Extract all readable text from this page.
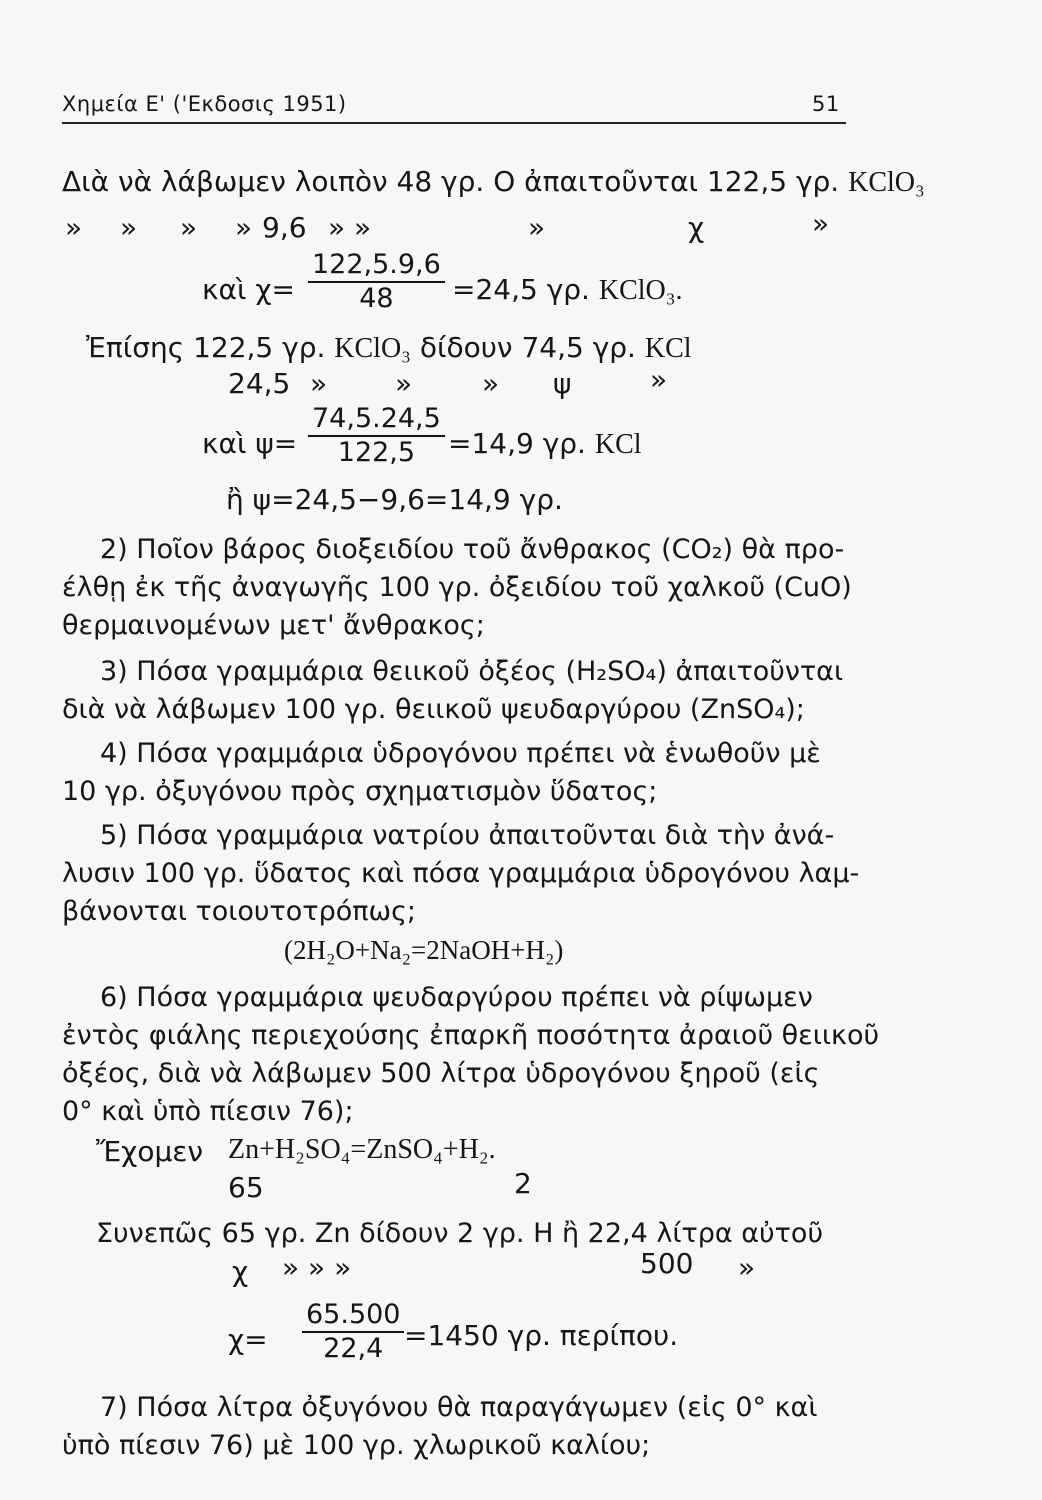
Χημεία Ε' ('Εκδοσις 1951)	51
Διὰ νὰ λάβωμεν λοιπὸν 48 γρ. Ο ἀπαιτοῦνται 122,5 γρ. KClO₃
» » » » 9,6 » »	»	χ	»
καὶ $\chi= \frac{122,5.9,6}{48} =24,5$ γρ. KClO₃.
Ἐπίσης 122,5 γρ. KClO₃ δίδουν 74,5 γρ. KCl
24,5 » » » ψ	»
καὶ $\psi= \frac{74,5.24,5}{122,5} =14,9$ γρ. KCl
ἢ ψ=24,5−9,6=14,9 γρ.
2) Ποῖον βάρος διοξειδίου τοῦ ἄνθρακος (CO₂) θὰ προ-
έλθῃ ἐκ τῆς ἀναγωγῆς 100 γρ. ὀξειδίου τοῦ χαλκοῦ (CuO)
θερμαινομένων μετ' ἄνθρακος;
3) Πόσα γραμμάρια θειικοῦ ὀξέος (H₂SO₄) ἀπαιτοῦνται
διὰ νὰ λάβωμεν 100 γρ. θειικοῦ ψευδαργύρου (ZnSO₄);
4) Πόσα γραμμάρια ὑδρογόνου πρέπει νὰ ἑνωθοῦν μὲ
10 γρ. ὀξυγόνου πρὸς σχηματισμὸν ὕδατος;
5) Πόσα γραμμάρια νατρίου ἀπαιτοῦνται διὰ τὴν ἀνά-
λυσιν 100 γρ. ὕδατος καὶ πόσα γραμμάρια ὑδρογόνου λαμ-
βάνονται τοιουτοτρόπως;
(2H₂O+Na₂=2NaOH+H₂)
6) Πόσα γραμμάρια ψευδαργύρου πρέπει νὰ ρίψωμεν
ἐντὸς φιάλης περιεχούσης ἐπαρκῆ ποσότητα ἀραιοῦ θειικοῦ
ὀξέος, διὰ νὰ λάβωμεν 500 λίτρα ὑδρογόνου ξηροῦ (εἰς
0° καὶ ὑπὸ πίεσιν 76);
Ἔχομεν Zn+H₂SO₄=ZnSO₄+H₂.
65	2
Συνεπῶς 65 γρ. Zn δίδουν 2 γρ. H ἢ 22,4 λίτρα αὐτοῦ
χ » » »	500 »
$\chi= \frac{65.500}{22,4} =1450$ γρ. περίπου.
7) Πόσα λίτρα ὀξυγόνου θὰ παραγάγωμεν (εἰς 0° καὶ
ὑπὸ πίεσιν 76) μὲ 100 γρ. χλωρικοῦ καλίου;
